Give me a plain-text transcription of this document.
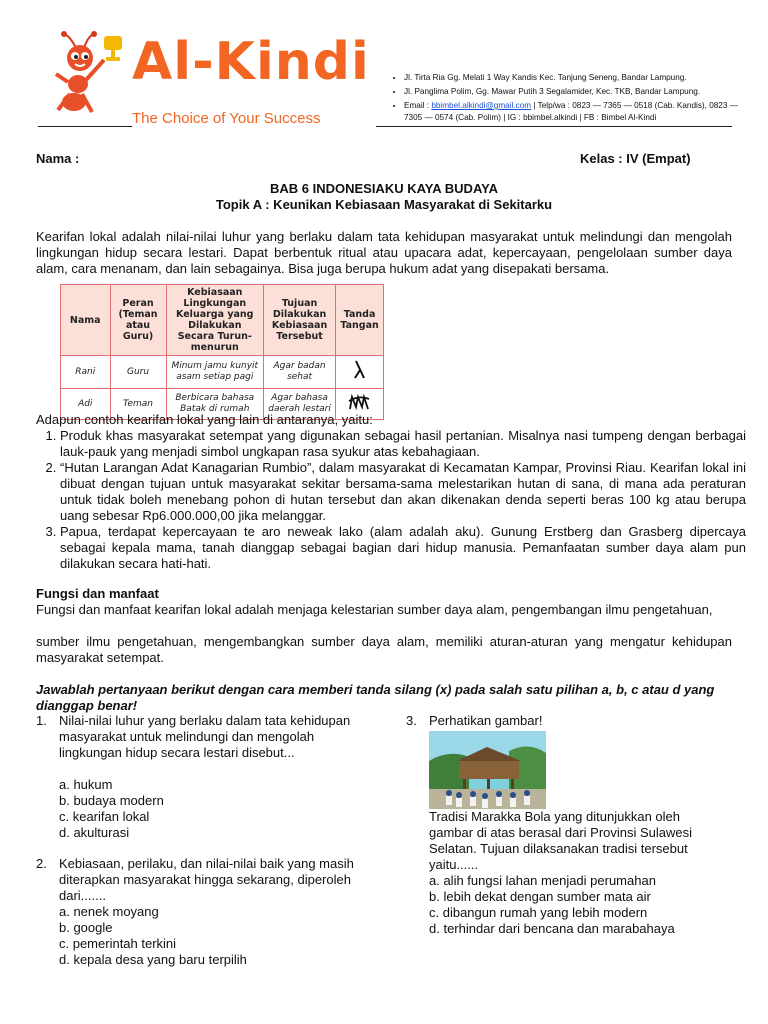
Al-Kindi
The Choice of Your Success
• Jl. Tirta Ria Gg. Melati 1 Way Kandis Kec. Tanjung Seneng, Bandar Lampung.
• Jl. Panglima Polim, Gg. Mawar Putih 3 Segalamider, Kec. TKB, Bandar Lampung.
• Email : bbimbel.alkindi@gmail.com | Telp/wa : 0823 — 7365 — 0518 (Cab. Kandis), 0823 — 7305 — 0574 (Cab. Polim) | IG : bbimbel.alkindi | FB : Bimbel Al-Kindi
Nama :	Kelas : IV (Empat)
BAB 6 INDONESIAKU KAYA BUDAYA
Topik A : Keunikan Kebiasaan Masyarakat di Sekitarku
Kearifan lokal adalah nilai-nilai luhur yang berlaku dalam tata kehidupan masyarakat untuk melindungi dan mengolah lingkungan hidup secara lestari. Dapat berbentuk ritual atau upacara adat, kepercayaan, pengelolaan sumber daya alam, cara menanam, dan lain sebagainya. Bisa juga berupa hukum adat yang disepakati bersama.
Nama	Peran (Teman atau Guru)	Kebiasaan Lingkungan Keluarga yang Dilakukan Secara Turun-menurun	Tujuan Dilakukan Kebiasaan Tersebut	Tanda Tangan
Rani	Guru	Minum jamu kunyit asam setiap pagi	Agar badan sehat	
Adi	Teman	Berbicara bahasa Batak di rumah	Agar bahasa daerah lestari	
Adapun contoh kearifan lokal yang lain di antaranya, yaitu:
1. Produk khas masyarakat setempat yang digunakan sebagai hasil pertanian. Misalnya nasi tumpeng dengan berbagai lauk-pauk yang menjadi simbol ungkapan rasa syukur atas kebahagiaan.
2. “Hutan Larangan Adat Kanagarian Rumbio”, dalam masyarakat di Kecamatan Kampar, Provinsi Riau. Kearifan lokal ini dibuat dengan tujuan untuk masyarakat sekitar bersama-sama melestarikan hutan di sana, di mana ada peraturan untuk tidak boleh menebang pohon di hutan tersebut dan akan dikenakan denda seperti beras 100 kg atau berupa uang sebesar Rp6.000.000,00 jika melanggar.
3. Papua, terdapat kepercayaan te aro neweak lako (alam adalah aku). Gunung Erstberg dan Grasberg dipercaya sebagai kepala mama, tanah dianggap sebagai bagian dari hidup manusia. Pemanfaatan sumber daya alam pun dilakukan secara hati-hati.
Fungsi dan manfaat
Fungsi dan manfaat kearifan lokal adalah menjaga kelestarian sumber daya alam, pengembangan ilmu pengetahuan,
sumber ilmu pengetahuan, mengembangkan sumber daya alam, memiliki aturan-aturan yang mengatur kehidupan masyarakat setempat.
Jawablah pertanyaan berikut dengan cara memberi tanda silang (x) pada salah satu pilihan a, b, c atau d yang dianggap benar!
1. Nilai-nilai luhur yang berlaku dalam tata kehidupan masyarakat untuk melindungi dan mengolah lingkungan hidup secara lestari disebut...
a. hukum
b. budaya modern
c. kearifan lokal
d. akulturasi
2. Kebiasaan, perilaku, dan nilai-nilai baik yang masih diterapkan masyarakat hingga sekarang, diperoleh dari.......
a. nenek moyang
b. google
c. pemerintah terkini
d. kepala desa yang baru terpilih
3. Perhatikan gambar!
Tradisi Marakka Bola yang ditunjukkan oleh gambar di atas berasal dari Provinsi Sulawesi Selatan. Tujuan dilaksanakan tradisi tersebut yaitu......
a. alih fungsi lahan menjadi perumahan
b. lebih dekat dengan sumber mata air
c. dibangun rumah yang lebih modern
d. terhindar dari bencana dan marabahaya
